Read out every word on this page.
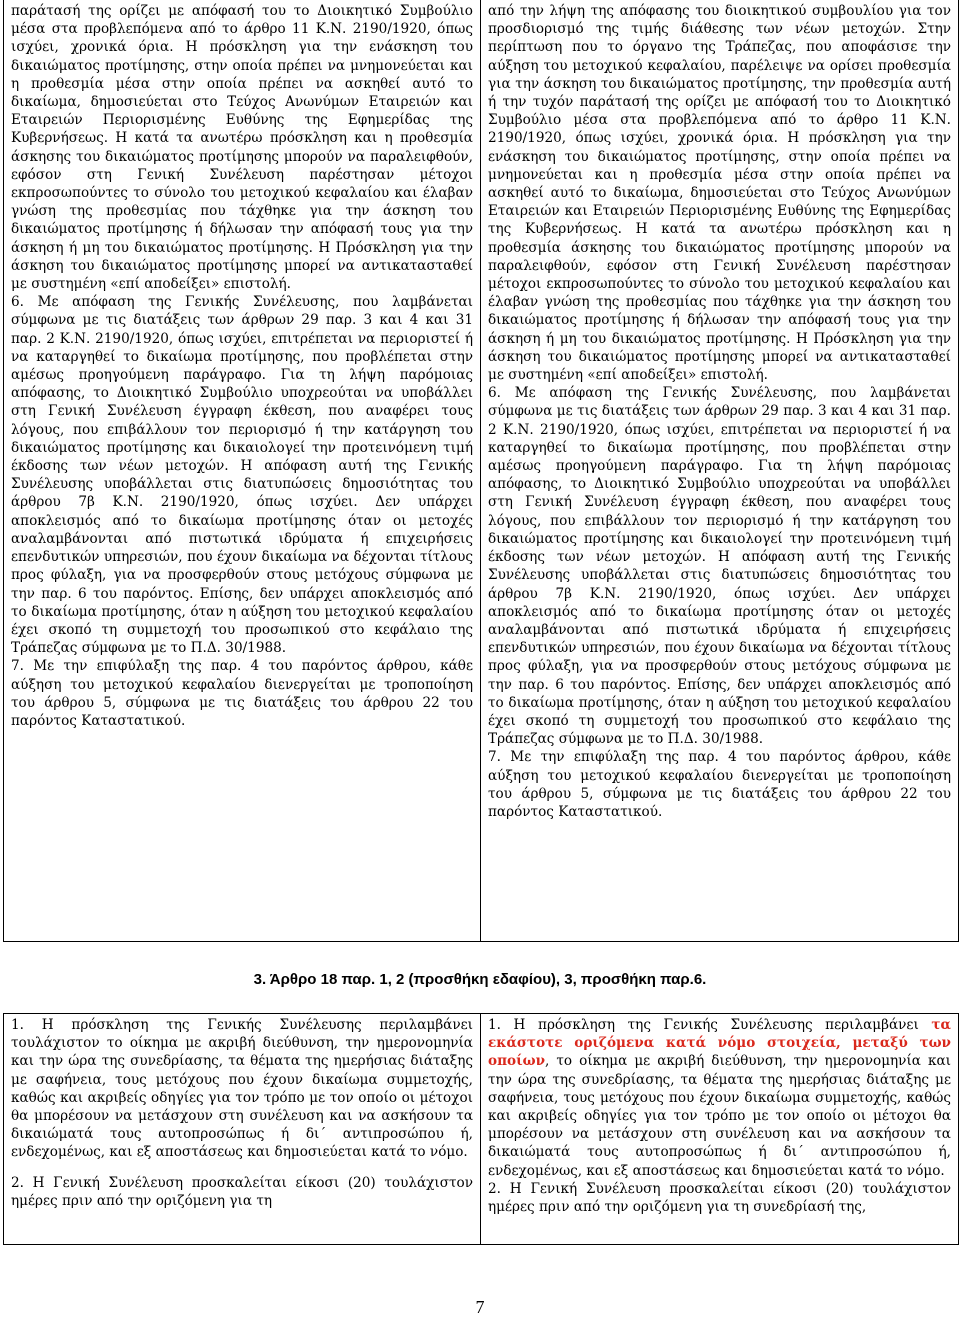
παράτασή της ορίζει με απόφασή του το Διοικητικό Συμβούλιο μέσα στα προβλεπόμενα από το άρθρο 11 Κ.Ν. 2190/1920, όπως ισχύει, χρονικά όρια. Η πρόσκληση για την ενάσκηση του δικαιώματος προτίμησης, στην οποία πρέπει να μνημονεύεται και η προθεσμία μέσα στην οποία πρέπει να ασκηθεί αυτό το δικαίωμα, δημοσιεύεται στο Τεύχος Ανωνύμων Εταιρειών και Εταιρειών Περιορισμένης Ευθύνης της Εφημερίδας της Κυβερνήσεως. Η κατά τα ανωτέρω πρόσκληση και η προθεσμία άσκησης του δικαιώματος προτίμησης μπορούν να παραλειφθούν, εφόσον στη Γενική Συνέλευση παρέστησαν μέτοχοι εκπροσωπούντες το σύνολο του μετοχικού κεφαλαίου και έλαβαν γνώση της προθεσμίας που τάχθηκε για την άσκηση του δικαιώματος προτίμησης ή δήλωσαν την απόφασή τους για την άσκηση ή μη του δικαιώματος προτίμησης. Η Πρόσκληση για την άσκηση του δικαιώματος προτίμησης μπορεί να αντικατασταθεί με συστημένη «επί αποδείξει» επιστολή.

6. Με απόφαση της Γενικής Συνέλευσης, που λαμβάνεται σύμφωνα με τις διατάξεις των άρθρων 29 παρ. 3 και 4 και 31 παρ. 2 Κ.Ν. 2190/1920, όπως ισχύει, επιτρέπεται να περιοριστεί ή να καταργηθεί το δικαίωμα προτίμησης, που προβλέπεται στην αμέσως προηγούμενη παράγραφο. Για τη λήψη παρόμοιας απόφασης, το Διοικητικό Συμβούλιο υποχρεούται να υποβάλλει στη Γενική Συνέλευση έγγραφη έκθεση, που αναφέρει τους λόγους, που επιβάλλουν τον περιορισμό ή την κατάργηση του δικαιώματος προτίμησης και δικαιολογεί την προτεινόμενη τιμή έκδοσης των νέων μετοχών. Η απόφαση αυτή της Γενικής Συνέλευσης υποβάλλεται στις διατυπώσεις δημοσιότητας του άρθρου 7β Κ.Ν. 2190/1920, όπως ισχύει. Δεν υπάρχει αποκλεισμός από το δικαίωμα προτίμησης όταν οι μετοχές αναλαμβάνονται από πιστωτικά ιδρύματα ή επιχειρήσεις επενδυτικών υπηρεσιών, που έχουν δικαίωμα να δέχονται τίτλους προς φύλαξη, για να προσφερθούν στους μετόχους σύμφωνα με την παρ. 6 του παρόντος. Επίσης, δεν υπάρχει αποκλεισμός από το δικαίωμα προτίμησης, όταν η αύξηση του μετοχικού κεφαλαίου έχει σκοπό τη συμμετοχή του προσωπικού στο κεφάλαιο της Τράπεζας σύμφωνα με το Π.Δ. 30/1988.

7. Με την επιφύλαξη της παρ. 4 του παρόντος άρθρου, κάθε αύξηση του μετοχικού κεφαλαίου διενεργείται με τροποποίηση του άρθρου 5, σύμφωνα με τις διατάξεις του άρθρου 22 του παρόντος Καταστατικού.

από την λήψη της απόφασης του διοικητικού συμβουλίου για τον προσδιορισμό της τιμής διάθεσης των νέων μετοχών. Στην περίπτωση που το όργανο της Τράπεζας, που αποφάσισε την αύξηση του μετοχικού κεφαλαίου, παρέλειψε να ορίσει προθεσμία για την άσκηση του δικαιώματος προτίμησης, την προθεσμία αυτή ή την τυχόν παράτασή της ορίζει με απόφασή του το Διοικητικό Συμβούλιο μέσα στα προβλεπόμενα από το άρθρο 11 Κ.Ν. 2190/1920, όπως ισχύει, χρονικά όρια. Η πρόσκληση για την ενάσκηση του δικαιώματος προτίμησης, στην οποία πρέπει να μνημονεύεται και η προθεσμία μέσα στην οποία πρέπει να ασκηθεί αυτό το δικαίωμα, δημοσιεύεται στο Τεύχος Ανωνύμων Εταιρειών και Εταιρειών Περιορισμένης Ευθύνης της Εφημερίδας της Κυβερνήσεως. Η κατά τα ανωτέρω πρόσκληση και η προθεσμία άσκησης του δικαιώματος προτίμησης μπορούν να παραλειφθούν, εφόσον στη Γενική Συνέλευση παρέστησαν μέτοχοι εκπροσωπούντες το σύνολο του μετοχικού κεφαλαίου και έλαβαν γνώση της προθεσμίας που τάχθηκε για την άσκηση του δικαιώματος προτίμησης ή δήλωσαν την απόφασή τους για την άσκηση ή μη του δικαιώματος προτίμησης. Η Πρόσκληση για την άσκηση του δικαιώματος προτίμησης μπορεί να αντικατασταθεί με συστημένη «επί αποδείξει» επιστολή.

6. Με απόφαση της Γενικής Συνέλευσης, που λαμβάνεται σύμφωνα με τις διατάξεις των άρθρων 29 παρ. 3 και 4 και 31 παρ. 2 Κ.Ν. 2190/1920, όπως ισχύει, επιτρέπεται να περιοριστεί ή να καταργηθεί το δικαίωμα προτίμησης, που προβλέπεται στην αμέσως προηγούμενη παράγραφο. Για τη λήψη παρόμοιας απόφασης, το Διοικητικό Συμβούλιο υποχρεούται να υποβάλλει στη Γενική Συνέλευση έγγραφη έκθεση, που αναφέρει τους λόγους, που επιβάλλουν τον περιορισμό ή την κατάργηση του δικαιώματος προτίμησης και δικαιολογεί την προτεινόμενη τιμή έκδοσης των νέων μετοχών. Η απόφαση αυτή της Γενικής Συνέλευσης υποβάλλεται στις διατυπώσεις δημοσιότητας του άρθρου 7β Κ.Ν. 2190/1920, όπως ισχύει. Δεν υπάρχει αποκλεισμός από το δικαίωμα προτίμησης όταν οι μετοχές αναλαμβάνονται από πιστωτικά ιδρύματα ή επιχειρήσεις επενδυτικών υπηρεσιών, που έχουν δικαίωμα να δέχονται τίτλους προς φύλαξη, για να προσφερθούν στους μετόχους σύμφωνα με την παρ. 6 του παρόντος. Επίσης, δεν υπάρχει αποκλεισμός από το δικαίωμα προτίμησης, όταν η αύξηση του μετοχικού κεφαλαίου έχει σκοπό τη συμμετοχή του προσωπικού στο κεφάλαιο της Τράπεζας σύμφωνα με το Π.Δ. 30/1988.

7. Με την επιφύλαξη της παρ. 4 του παρόντος άρθρου, κάθε αύξηση του μετοχικού κεφαλαίου διενεργείται με τροποποίηση του άρθρου 5, σύμφωνα με τις διατάξεις του άρθρου 22 του παρόντος Καταστατικού.

3. Άρθρο 18 παρ. 1, 2 (προσθήκη εδαφίου), 3, προσθήκη παρ.6.

1. Η πρόσκληση της Γενικής Συνέλευσης περιλαμβάνει τουλάχιστον το οίκημα με ακριβή διεύθυνση, την ημερονομηνία και την ώρα της συνεδρίασης, τα θέματα της ημερήσιας διάταξης με σαφήνεια, τους μετόχους που έχουν δικαίωμα συμμετοχής, καθώς και ακριβείς οδηγίες για τον τρόπο με τον οποίο οι μέτοχοι θα μπορέσουν να μετάσχουν στη συνέλευση και να ασκήσουν τα δικαιώματά τους αυτοπροσώπως ή δι΄ αντιπροσώπου ή, ενδεχομένως, και εξ αποστάσεως και δημοσιεύεται κατά το νόμο.

2. Η Γενική Συνέλευση προσκαλείται είκοσι (20) τουλάχιστον ημέρες πριν από την οριζόμενη για τη

1. Η πρόσκληση της Γενικής Συνέλευσης περιλαμβάνει τα εκάστοτε οριζόμενα κατά νόμο στοιχεία, μεταξύ των οποίων, το οίκημα με ακριβή διεύθυνση, την ημερονομηνία και την ώρα της συνεδρίασης, τα θέματα της ημερήσιας διάταξης με σαφήνεια, τους μετόχους που έχουν δικαίωμα συμμετοχής, καθώς και ακριβείς οδηγίες για τον τρόπο με τον οποίο οι μέτοχοι θα μπορέσουν να μετάσχουν στη συνέλευση και να ασκήσουν τα δικαιώματά τους αυτοπροσώπως ή δι΄ αντιπροσώπου ή, ενδεχομένως, και εξ αποστάσεως και δημοσιεύεται κατά το νόμο.

2. Η Γενική Συνέλευση προσκαλείται είκοσι (20) τουλάχιστον ημέρες πριν από την οριζόμενη για τη συνεδρίασή της,

7
